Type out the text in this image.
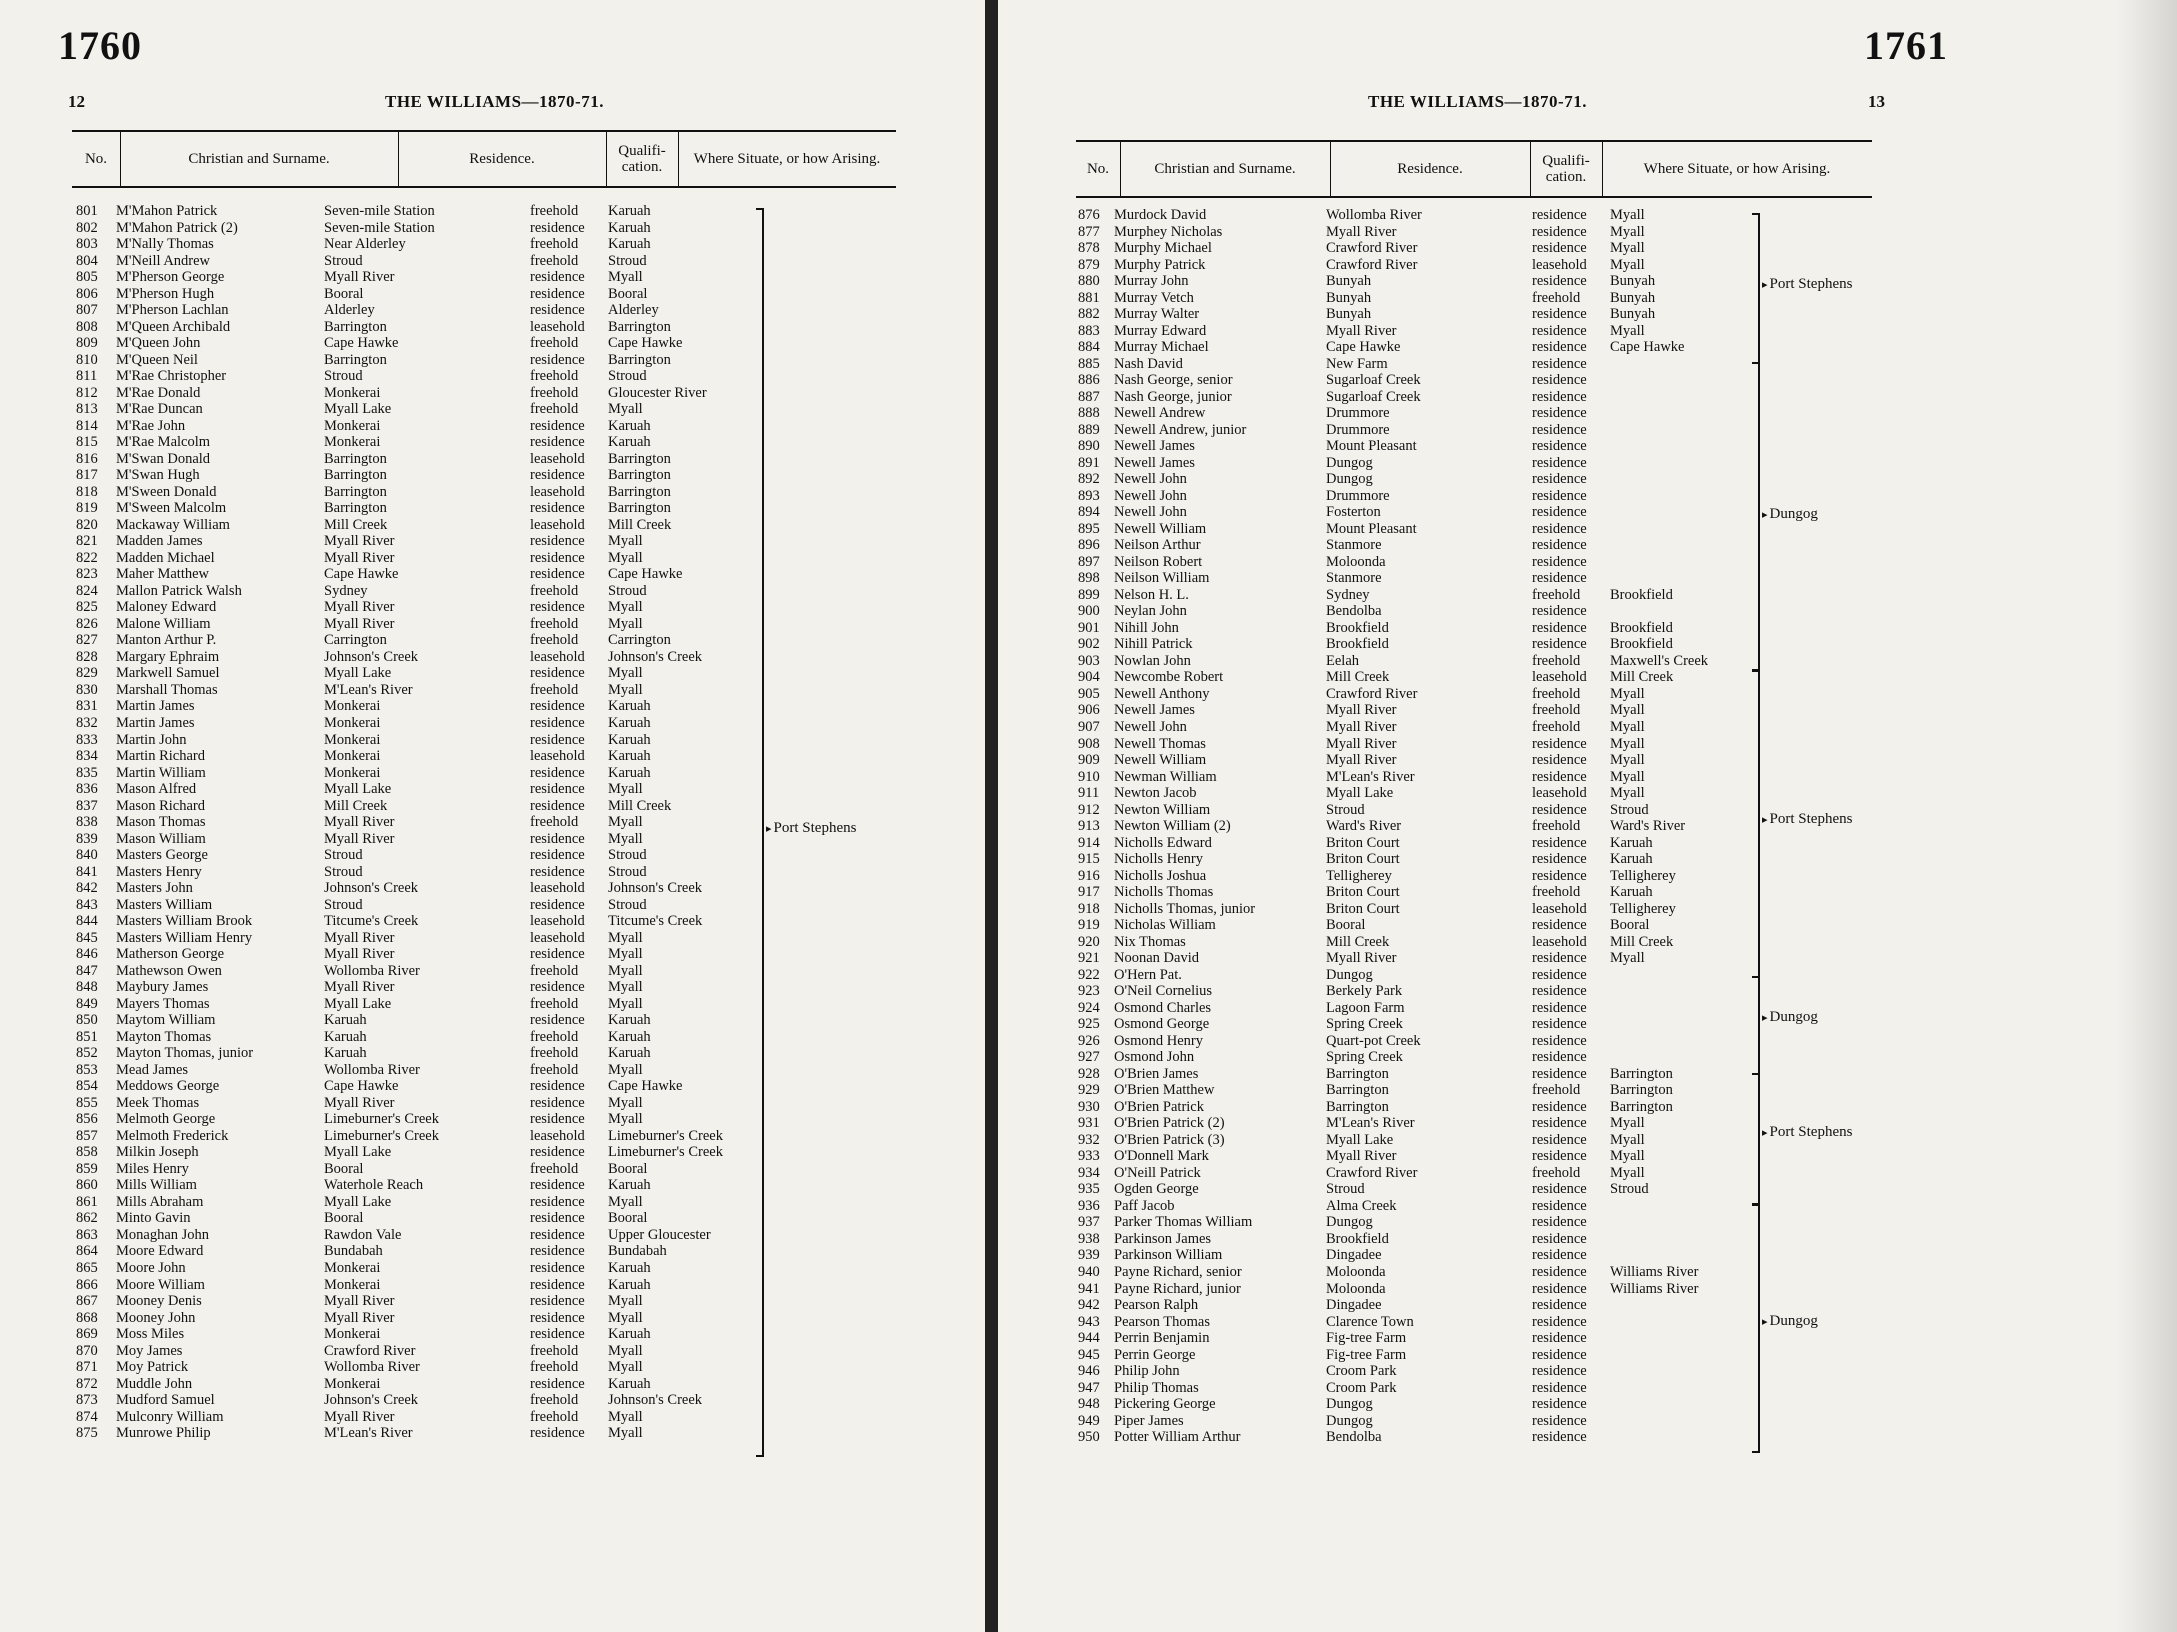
1760
12	THE WILLIAMS—1870-71.
No.	Christian and Surname.	Residence.	Qualifi- cation.	Where Situate, or how Arising.
801 M'Mahon Patrick	Seven-mile Station	freehold Karuah
802 M'Mahon Patrick (2)	Seven-mile Station	residence Karuah
803 M'Nally Thomas	Near Alderley	freehold Karuah
804 M'Neill Andrew	Stroud	freehold Stroud
805 M'Pherson George	Myall River	residence Myall
806 M'Pherson Hugh	Booral	residence Booral
807 M'Pherson Lachlan	Alderley	residence Alderley
808 M'Queen Archibald	Barrington	leasehold Barrington
809 M'Queen John	Cape Hawke	freehold Cape Hawke
810 M'Queen Neil	Barrington	residence Barrington
811 M'Rae Christopher	Stroud	freehold Stroud
812 M'Rae Donald	Monkerai	freehold Gloucester River
813 M'Rae Duncan	Myall Lake	freehold Myall
814 M'Rae John	Monkerai	residence Karuah
815 M'Rae Malcolm	Monkerai	residence Karuah
816 M'Swan Donald	Barrington	leasehold Barrington
817 M'Swan Hugh	Barrington	residence Barrington
818 M'Sween Donald	Barrington	leasehold Barrington
819 M'Sween Malcolm	Barrington	residence Barrington
820 Mackaway William	Mill Creek	leasehold Mill Creek
821 Madden James	Myall River	residence Myall
822 Madden Michael	Myall River	residence Myall
823 Maher Matthew	Cape Hawke	residence Cape Hawke
824 Mallon Patrick Walsh	Sydney	freehold Stroud
825 Maloney Edward	Myall River	residence Myall
826 Malone William	Myall River	freehold Myall
827 Manton Arthur P.	Carrington	freehold Carrington
828 Margary Ephraim	Johnson's Creek	leasehold Johnson's Creek
829 Markwell Samuel	Myall Lake	residence Myall
830 Marshall Thomas	M'Lean's River	freehold Myall
831 Martin James	Monkerai	residence Karuah
832 Martin James	Monkerai	residence Karuah
833 Martin John	Monkerai	residence Karuah
834 Martin Richard	Monkerai	leasehold Karuah
835 Martin William	Monkerai	residence Karuah
836 Mason Alfred	Myall Lake	residence Myall
837 Mason Richard	Mill Creek	residence Mill Creek
838 Mason Thomas	Myall River	freehold Myall
839 Mason William	Myall River	residence Myall
840 Masters George	Stroud	residence Stroud
841 Masters Henry	Stroud	residence Stroud
842 Masters John	Johnson's Creek	leasehold Johnson's Creek
843 Masters William	Stroud	residence Stroud
844 Masters William Brook	Titcume's Creek	leasehold Titcume's Creek
845 Masters William Henry	Myall River	leasehold Myall
846 Matherson George	Myall River	residence Myall
847 Mathewson Owen	Wollomba River	freehold Myall
848 Maybury James	Myall River	residence Myall
849 Mayers Thomas	Myall Lake	freehold Myall
850 Maytom William	Karuah	residence Karuah
851 Mayton Thomas	Karuah	freehold Karuah
852 Mayton Thomas, junior	Karuah	freehold Karuah
853 Mead James	Wollomba River	freehold Myall
854 Meddows George	Cape Hawke	residence Cape Hawke
855 Meek Thomas	Myall River	residence Myall
856 Melmoth George	Limeburner's Creek	residence Myall
857 Melmoth Frederick	Limeburner's Creek	leasehold Limeburner's Creek
858 Milkin Joseph	Myall Lake	residence Limeburner's Creek
859 Miles Henry	Booral	freehold Booral
860 Mills William	Waterhole Reach	residence Karuah
861 Mills Abraham	Myall Lake	residence Myall
862 Minto Gavin	Booral	residence Booral
863 Monaghan John	Rawdon Vale	residence Upper Gloucester
864 Moore Edward	Bundabah	residence Bundabah
865 Moore John	Monkerai	residence Karuah
866 Moore William	Monkerai	residence Karuah
867 Mooney Denis	Myall River	residence Myall
868 Mooney John	Myall River	residence Myall
869 Moss Miles	Monkerai	residence Karuah
870 Moy James	Crawford River	freehold Myall
871 Moy Patrick	Wollomba River	freehold Myall
872 Muddle John	Monkerai	residence Karuah
873 Mudford Samuel	Johnson's Creek	freehold Johnson's Creek
874 Mulconry William	Myall River	freehold Myall
875 Munrowe Philip	M'Lean's River	residence Myall
▸ Port Stephens
1761
13
THE WILLIAMS—1870-71.
No.	Christian and Surname.	Residence.	Qualifi- cation.	Where Situate, or how Arising.
876 Murdock David	Wollomba River	residence Myall
877 Murphey Nicholas	Myall River	residence Myall
878 Murphy Michael	Crawford River	residence Myall
879 Murphy Patrick	Crawford River	leasehold Myall
880 Murray John	Bunyah	residence Bunyah
881 Murray Vetch	Bunyah	freehold Bunyah
882 Murray Walter	Bunyah	residence Bunyah
883 Murray Edward	Myall River	residence Myall
884 Murray Michael	Cape Hawke	residence Cape Hawke
885 Nash David	New Farm	residence
886 Nash George, senior	Sugarloaf Creek	residence
887 Nash George, junior	Sugarloaf Creek	residence
888 Newell Andrew	Drummore	residence
889 Newell Andrew, junior	Drummore	residence
890 Newell James	Mount Pleasant	residence
891 Newell James	Dungog	residence
892 Newell John	Dungog	residence
893 Newell John	Drummore	residence
894 Newell John	Fosterton	residence
895 Newell William	Mount Pleasant	residence
896 Neilson Arthur	Stanmore	residence
897 Neilson Robert	Moloonda	residence
898 Neilson William	Stanmore	residence
899 Nelson H. L.	Sydney	freehold Brookfield
900 Neylan John	Bendolba	residence
901 Nihill John	Brookfield	residence Brookfield
902 Nihill Patrick	Brookfield	residence Brookfield
903 Nowlan John	Eelah	freehold Maxwell's Creek
904 Newcombe Robert	Mill Creek	leasehold Mill Creek
905 Newell Anthony	Crawford River	freehold Myall
906 Newell James	Myall River	freehold Myall
907 Newell John	Myall River	freehold Myall
908 Newell Thomas	Myall River	residence Myall
909 Newell William	Myall River	residence Myall
910 Newman William	M'Lean's River	residence Myall
911 Newton Jacob	Myall Lake	leasehold Myall
912 Newton William	Stroud	residence Stroud
913 Newton William (2)	Ward's River	freehold Ward's River
914 Nicholls Edward	Briton Court	residence Karuah
915 Nicholls Henry	Briton Court	residence Karuah
916 Nicholls Joshua	Telligherey	residence Telligherey
917 Nicholls Thomas	Briton Court	freehold Karuah
918 Nicholls Thomas, junior	Briton Court	leasehold Telligherey
919 Nicholas William	Booral	residence Booral
920 Nix Thomas	Mill Creek	leasehold Mill Creek
921 Noonan David	Myall River	residence Myall
922 O'Hern Pat.	Dungog	residence
923 O'Neil Cornelius	Berkely Park	residence
924 Osmond Charles	Lagoon Farm	residence
925 Osmond George	Spring Creek	residence
926 Osmond Henry	Quart-pot Creek	residence
927 Osmond John	Spring Creek	residence
928 O'Brien James	Barrington	residence Barrington
929 O'Brien Matthew	Barrington	freehold Barrington
930 O'Brien Patrick	Barrington	residence Barrington
931 O'Brien Patrick (2)	M'Lean's River	residence Myall
932 O'Brien Patrick (3)	Myall Lake	residence Myall
933 O'Donnell Mark	Myall River	residence Myall
934 O'Neill Patrick	Crawford River	freehold Myall
935 Ogden George	Stroud	residence Stroud
936 Paff Jacob	Alma Creek	residence
937 Parker Thomas William	Dungog	residence
938 Parkinson James	Brookfield	residence
939 Parkinson William	Dingadee	residence
940 Payne Richard, senior	Moloonda	residence Williams River
941 Payne Richard, junior	Moloonda	residence Williams River
942 Pearson Ralph	Dingadee	residence
943 Pearson Thomas	Clarence Town	residence
944 Perrin Benjamin	Fig-tree Farm	residence
945 Perrin George	Fig-tree Farm	residence
946 Philip John	Croom Park	residence
947 Philip Thomas	Croom Park	residence
948 Pickering George	Dungog	residence
949 Piper James	Dungog	residence
950 Potter William Arthur	Bendolba	residence
▸ Port Stephens
▸ Dungog
▸ Port Stephens
▸ Dungog
▸ Port Stephens
▸ Dungog
